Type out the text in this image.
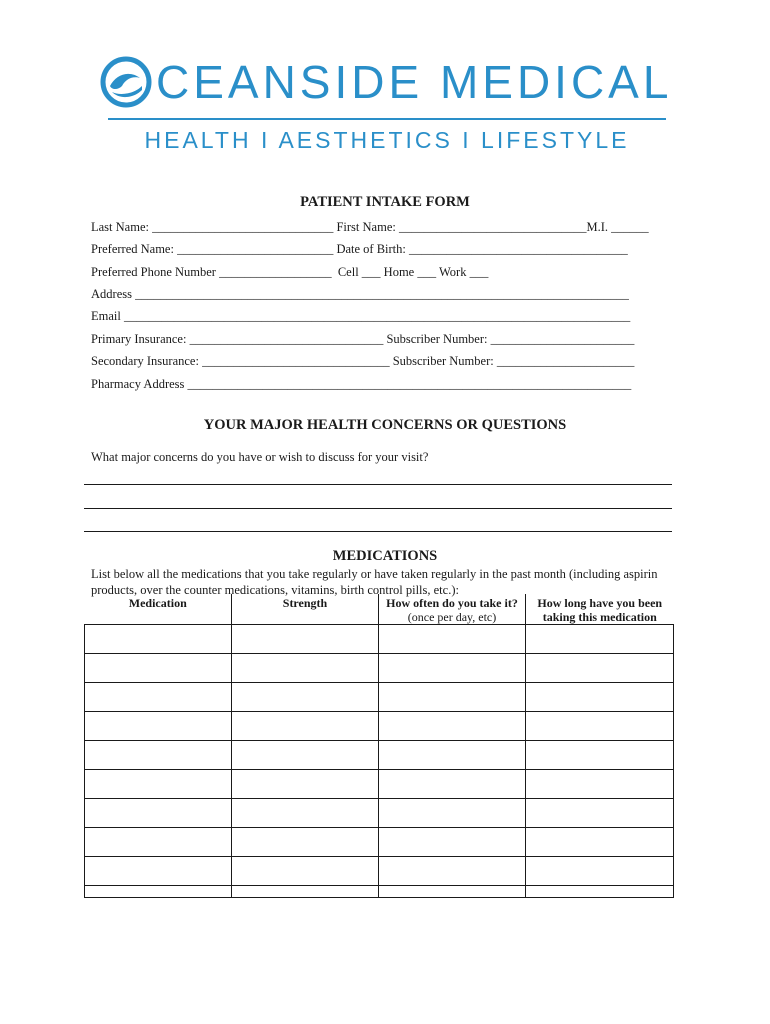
CEANSIDE MEDICAL
HEALTH I AESTHETICS I LIFESTYLE
PATIENT INTAKE FORM

Last Name: _____________________________ First Name: ______________________________M.I. ______

Preferred Name: _________________________ Date of Birth: ___________________________________

Preferred Phone Number __________________  Cell ___ Home ___ Work ___

Address _______________________________________________________________________________

Email _________________________________________________________________________________

Primary Insurance: _______________________________ Subscriber Number: _______________________

Secondary Insurance: ______________________________ Subscriber Number: ______________________

Pharmacy Address _______________________________________________________________________

YOUR MAJOR HEALTH CONCERNS OR QUESTIONS

What major concerns do you have or wish to discuss for your visit?

MEDICATIONS

List below all the medications that you take regularly or have taken regularly in the past month (including aspirin products, over the counter medications, vitamins, birth control pills, etc.):

Medication	Strength	How often do you take it? (once per day, etc)	How long have you been taking this medication
